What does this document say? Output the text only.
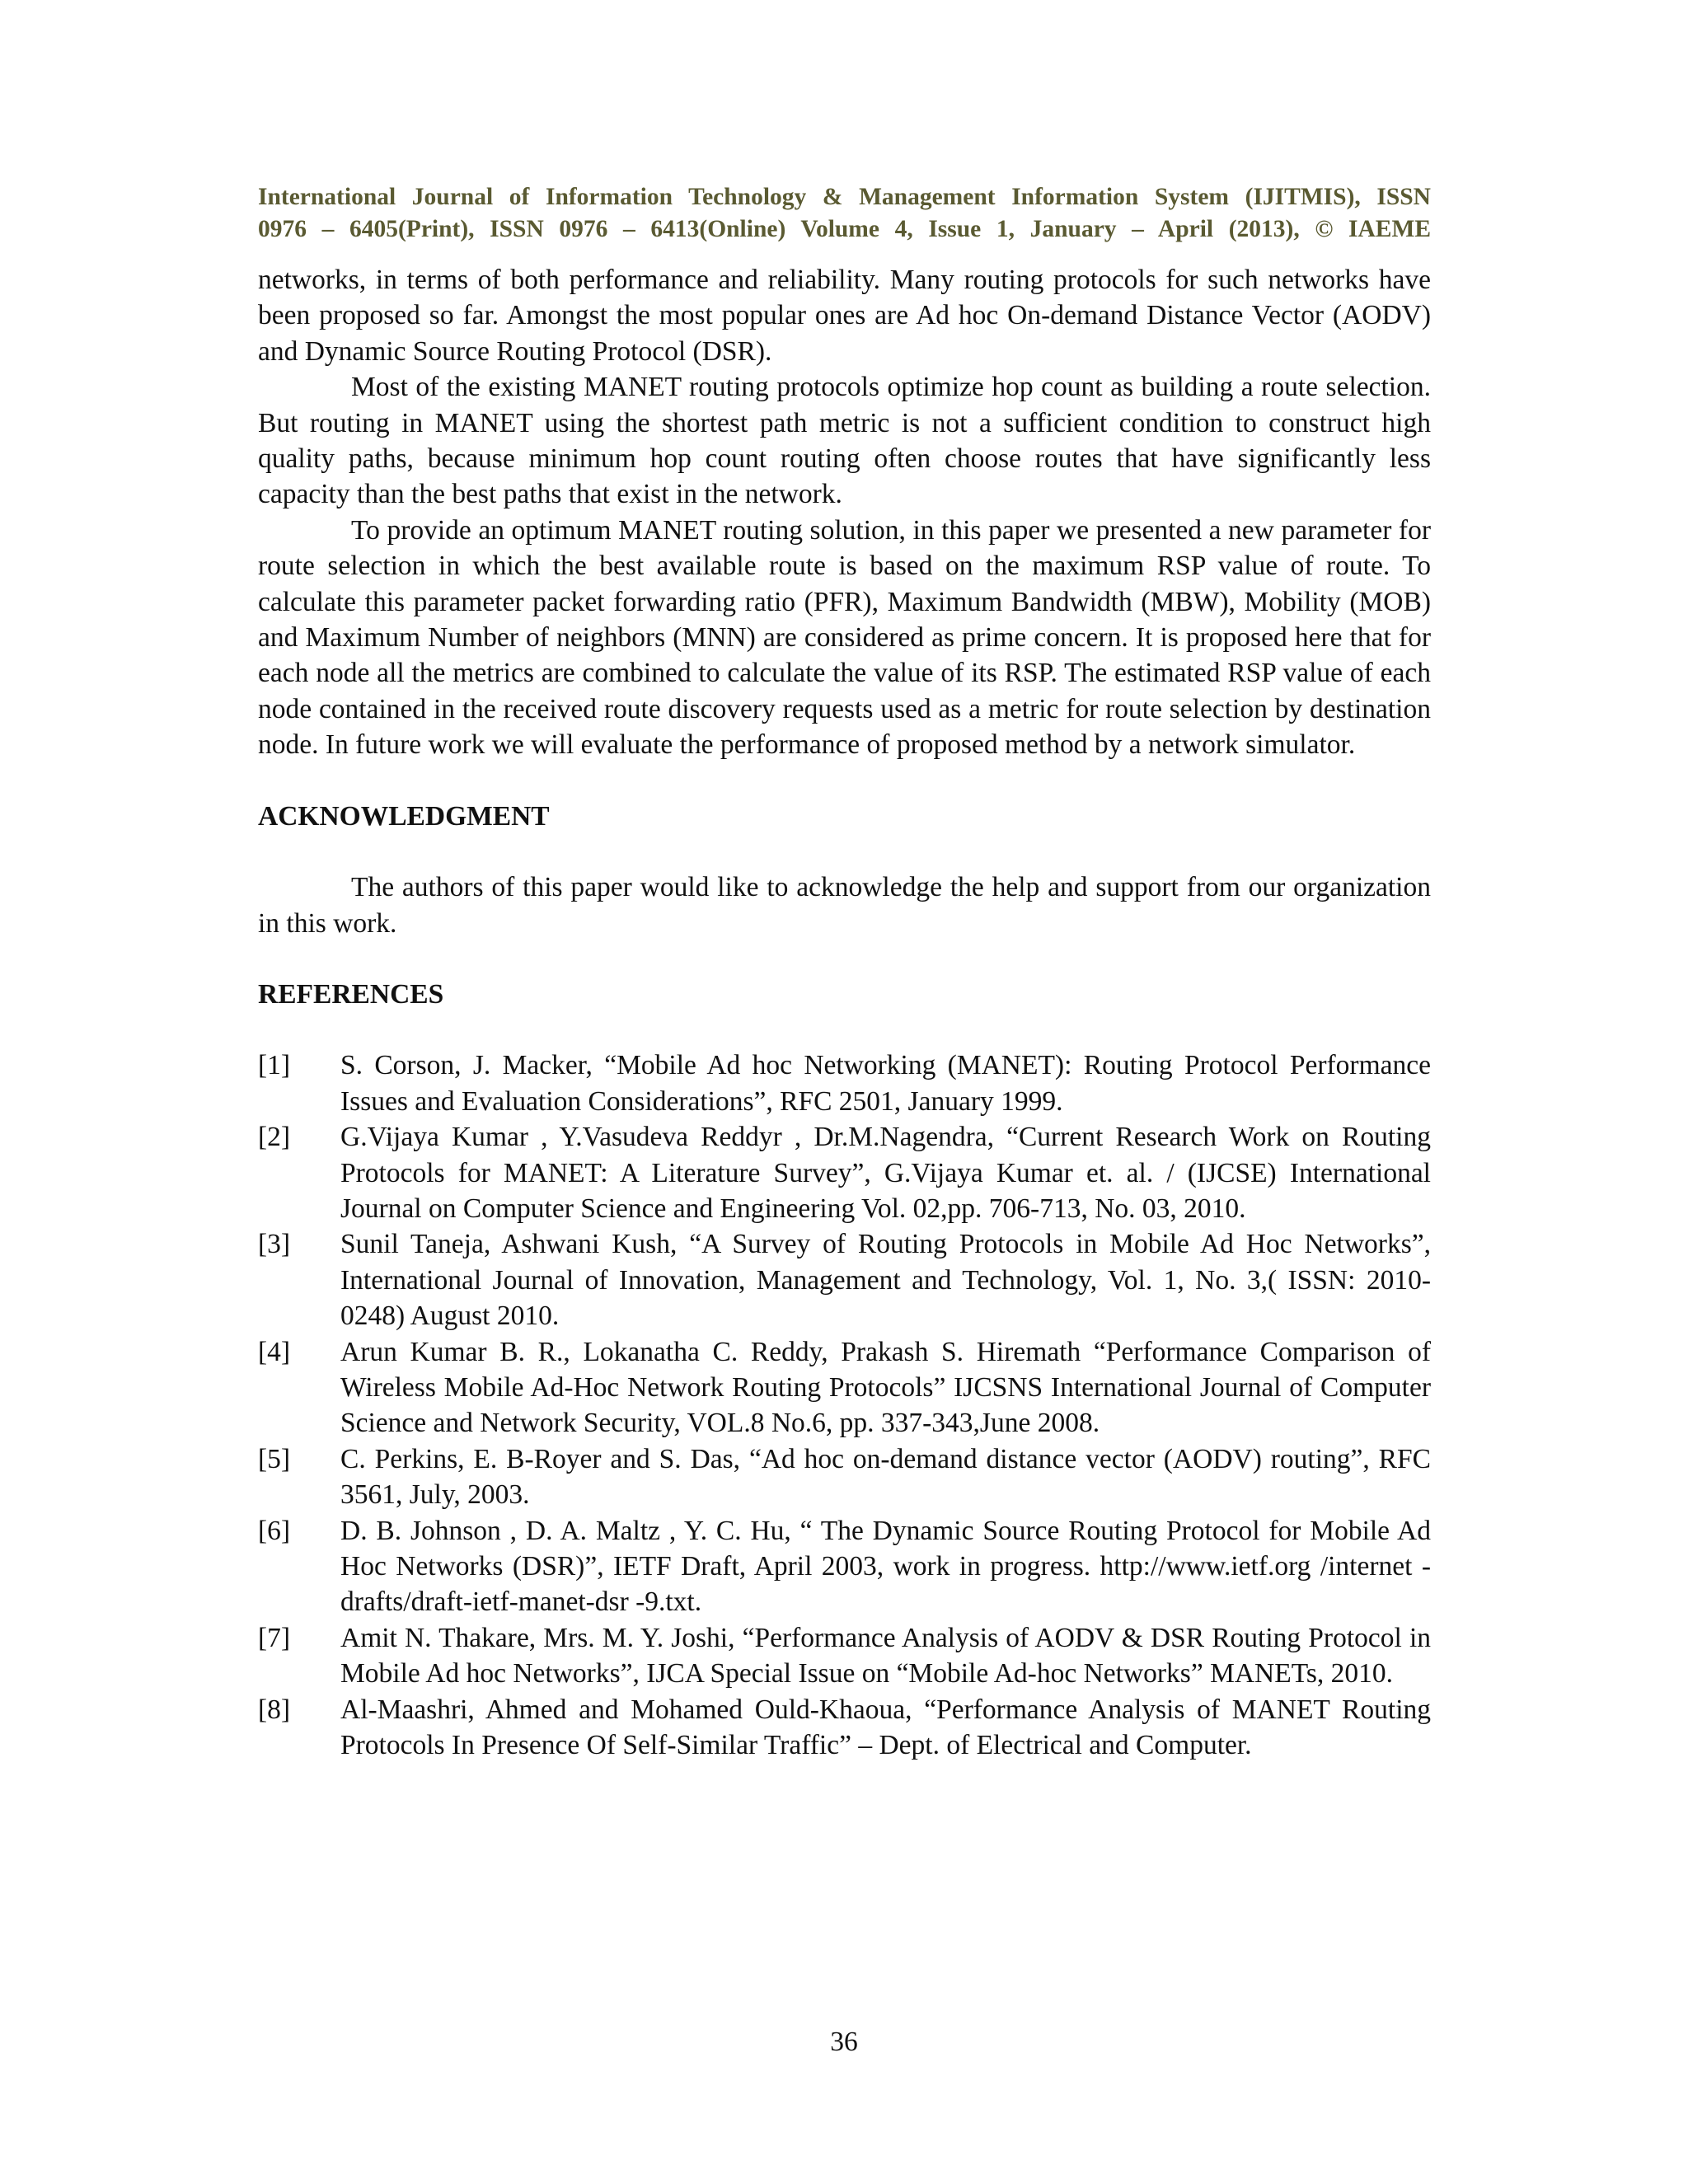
International Journal of Information Technology & Management Information System (IJITMIS), ISSN
0976 – 6405(Print), ISSN 0976 – 6413(Online) Volume 4, Issue 1, January – April (2013), © IAEME

networks, in terms of both performance and reliability. Many routing protocols for such networks have been proposed so far. Amongst the most popular ones are Ad hoc On-demand Distance Vector (AODV) and Dynamic Source Routing Protocol (DSR).

Most of the existing MANET routing protocols optimize hop count as building a route selection. But routing in MANET using the shortest path metric is not a sufficient condition to construct high quality paths, because minimum hop count routing often choose routes that have significantly less capacity than the best paths that exist in the network.

To provide an optimum MANET routing solution, in this paper we presented a new parameter for route selection in which the best available route is based on the maximum RSP value of route. To calculate this parameter packet forwarding ratio (PFR), Maximum Bandwidth (MBW), Mobility (MOB) and Maximum Number of neighbors (MNN) are considered as prime concern. It is proposed here that for each node all the metrics are combined to calculate the value of its RSP. The estimated RSP value of each node contained in the received route discovery requests used as a metric for route selection by destination node. In future work we will evaluate the performance of proposed method by a network simulator.

ACKNOWLEDGMENT

The authors of this paper would like to acknowledge the help and support from our organization in this work.

REFERENCES
[1] S. Corson, J. Macker, “Mobile Ad hoc Networking (MANET): Routing Protocol Performance Issues and Evaluation Considerations”, RFC 2501, January 1999.
[2] G.Vijaya Kumar , Y.Vasudeva Reddyr , Dr.M.Nagendra, “Current Research Work on Routing Protocols for MANET: A Literature Survey”, G.Vijaya Kumar et. al. / (IJCSE) International Journal on Computer Science and Engineering Vol. 02,pp. 706-713, No. 03, 2010.
[3] Sunil Taneja, Ashwani Kush, “A Survey of Routing Protocols in Mobile Ad Hoc Networks”, International Journal of Innovation, Management and Technology, Vol. 1, No. 3,( ISSN: 2010-0248) August 2010.
[4] Arun Kumar B. R., Lokanatha C. Reddy, Prakash S. Hiremath “Performance Comparison of Wireless Mobile Ad-Hoc Network Routing Protocols” IJCSNS International Journal of Computer Science and Network Security, VOL.8 No.6, pp. 337-343,June 2008.
[5] C. Perkins, E. B-Royer and S. Das, “Ad hoc on-demand distance vector (AODV) routing”, RFC 3561, July, 2003.
[6] D. B. Johnson , D. A. Maltz , Y. C. Hu, “ The Dynamic Source Routing Protocol for Mobile Ad Hoc Networks (DSR)”, IETF Draft, April 2003, work in progress. http://www.ietf.org /internet -drafts/draft-ietf-manet-dsr -9.txt.
[7] Amit N. Thakare, Mrs. M. Y. Joshi, “Performance Analysis of AODV & DSR Routing Protocol in Mobile Ad hoc Networks”, IJCA Special Issue on “Mobile Ad-hoc Networks” MANETs, 2010.
[8] Al-Maashri, Ahmed and Mohamed Ould-Khaoua, “Performance Analysis of MANET Routing Protocols In Presence Of Self-Similar Traffic” – Dept. of Electrical and Computer.
36
